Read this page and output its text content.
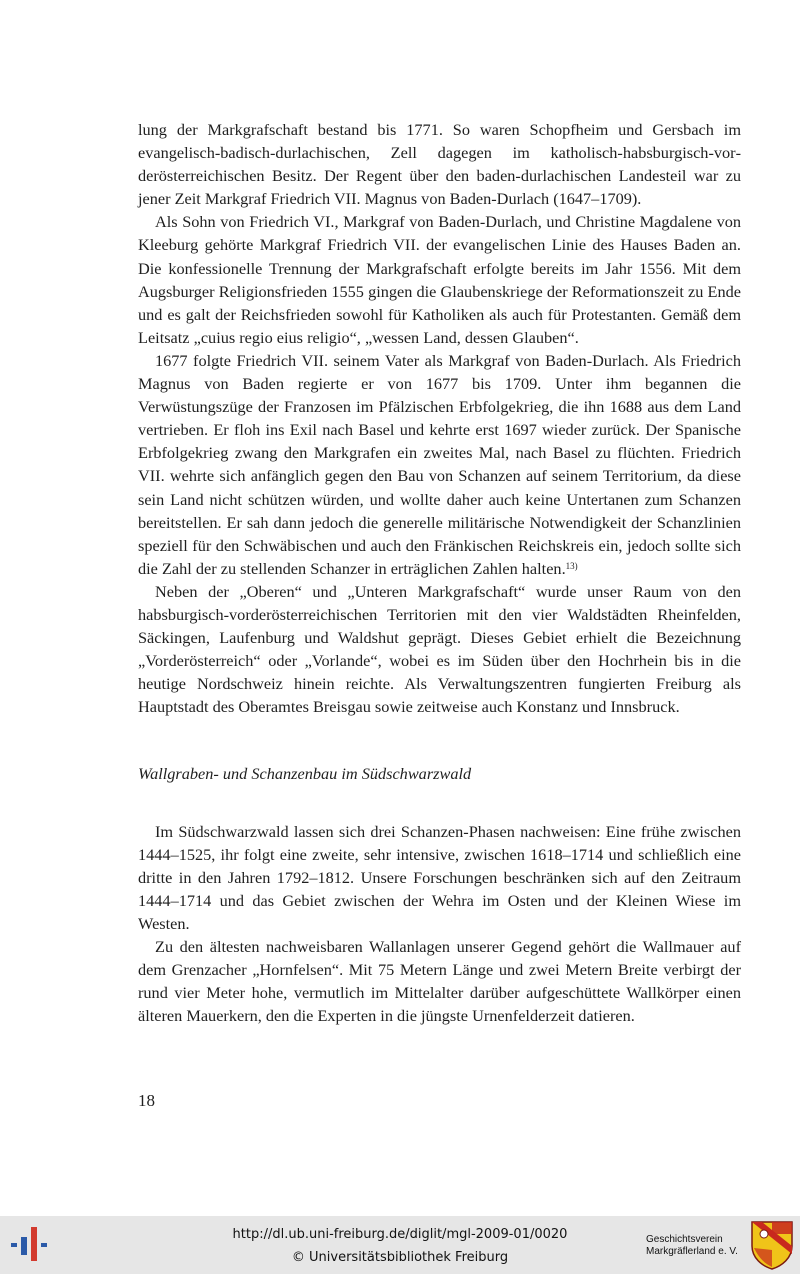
lung der Markgrafschaft bestand bis 1771. So waren Schopfheim und Gersbach im evangelisch-badisch-durlachischen, Zell dagegen im katholisch-habsburgisch-vorderösterreichischen Besitz. Der Regent über den baden-durlachischen Landesteil war zu jener Zeit Markgraf Friedrich VII. Magnus von Baden-Durlach (1647–1709).

Als Sohn von Friedrich VI., Markgraf von Baden-Durlach, und Christine Magdalene von Kleeburg gehörte Markgraf Friedrich VII. der evangelischen Linie des Hauses Baden an. Die konfessionelle Trennung der Markgrafschaft erfolgte bereits im Jahr 1556. Mit dem Augsburger Religionsfrieden 1555 gingen die Glaubenskriege der Reformationszeit zu Ende und es galt der Reichsfrieden sowohl für Katholiken als auch für Protestanten. Gemäß dem Leitsatz „cuius regio eius religio“, „wessen Land, dessen Glauben“.

1677 folgte Friedrich VII. seinem Vater als Markgraf von Baden-Durlach. Als Friedrich Magnus von Baden regierte er von 1677 bis 1709. Unter ihm begannen die Verwüstungszüge der Franzosen im Pfälzischen Erbfolgekrieg, die ihn 1688 aus dem Land vertrieben. Er floh ins Exil nach Basel und kehrte erst 1697 wieder zurück. Der Spanische Erbfolgekrieg zwang den Markgrafen ein zweites Mal, nach Basel zu flüchten. Friedrich VII. wehrte sich anfänglich gegen den Bau von Schanzen auf seinem Territorium, da diese sein Land nicht schützen würden, und wollte daher auch keine Untertanen zum Schanzen bereitstellen. Er sah dann jedoch die generelle militärische Notwendigkeit der Schanzlinien speziell für den Schwäbischen und auch den Fränkischen Reichskreis ein, jedoch sollte sich die Zahl der zu stellenden Schanzer in erträglichen Zahlen halten.$^{13)}$

Neben der „Oberen“ und „Unteren Markgrafschaft“ wurde unser Raum von den habsburgisch-vorderösterreichischen Territorien mit den vier Waldstädten Rheinfelden, Säckingen, Laufenburg und Waldshut geprägt. Dieses Gebiet erhielt die Bezeichnung „Vorderösterreich“ oder „Vorlande“, wobei es im Süden über den Hochrhein bis in die heutige Nordschweiz hinein reichte. Als Verwaltungszentren fungierten Freiburg als Hauptstadt des Oberamtes Breisgau sowie zeitweise auch Konstanz und Innsbruck.

Wallgraben- und Schanzenbau im Südschwarzwald

Im Südschwarzwald lassen sich drei Schanzen-Phasen nachweisen: Eine frühe zwischen 1444–1525, ihr folgt eine zweite, sehr intensive, zwischen 1618–1714 und schließlich eine dritte in den Jahren 1792–1812. Unsere Forschungen beschränken sich auf den Zeitraum 1444–1714 und das Gebiet zwischen der Wehra im Osten und der Kleinen Wiese im Westen.

Zu den ältesten nachweisbaren Wallanlagen unserer Gegend gehört die Wallmauer auf dem Grenzacher „Hornfelsen“. Mit 75 Metern Länge und zwei Metern Breite verbirgt der rund vier Meter hohe, vermutlich im Mittelalter darüber aufgeschüttete Wallkörper einen älteren Mauerkern, den die Experten in die jüngste Urnenfelderzeit datieren.

18
http://dl.ub.uni-freiburg.de/diglit/mgl-2009-01/0020
© Universitätsbibliothek Freiburg
Geschichtsverein
Markgräflerland e. V.
